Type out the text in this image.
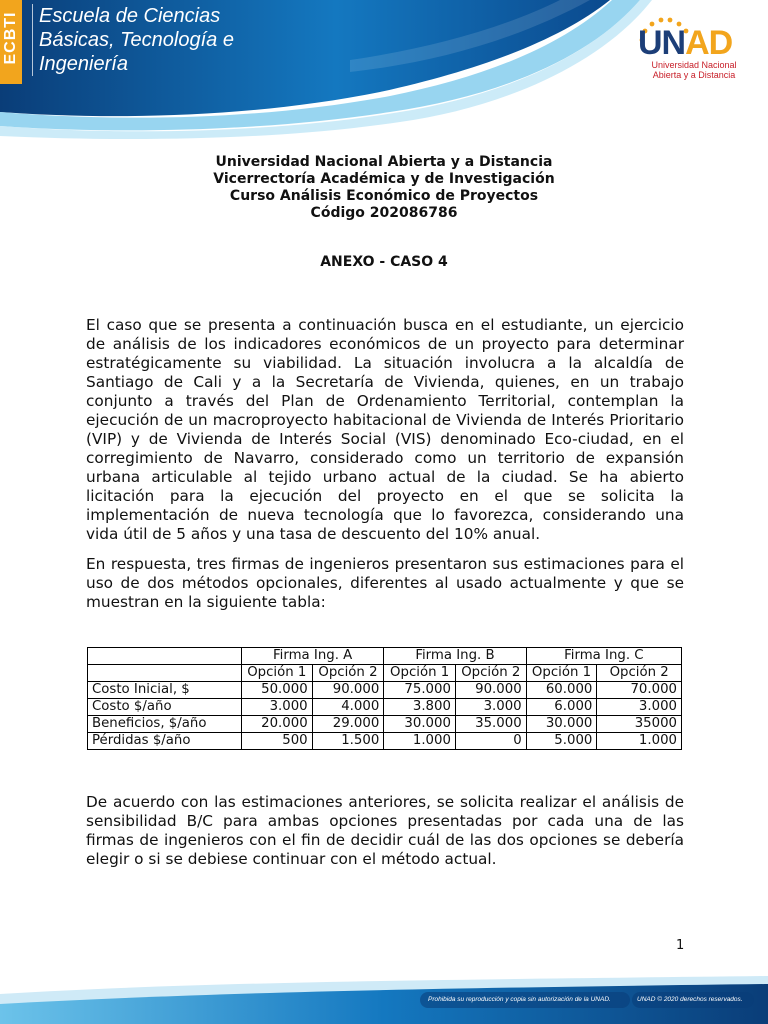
ECBTI Escuela de Ciencias
Básicas, Tecnología e
Ingeniería
UNAD
Universidad Nacional
Abierta y a Distancia
Universidad Nacional Abierta y a Distancia
Vicerrectoría Académica y de Investigación
Curso Análisis Económico de Proyectos
Código 202086786
ANEXO - CASO 4

El caso que se presenta a continuación busca en el estudiante, un ejercicio de análisis de los indicadores económicos de un proyecto para determinar estratégicamente su viabilidad. La situación involucra a la alcaldía de Santiago de Cali y a la Secretaría de Vivienda, quienes, en un trabajo conjunto a través del Plan de Ordenamiento Territorial, contemplan la ejecución de un macroproyecto habitacional de Vivienda de Interés Prioritario (VIP) y de Vivienda de Interés Social (VIS) denominado Eco-ciudad, en el corregimiento de Navarro, considerado como un territorio de expansión urbana articulable al tejido urbano actual de la ciudad. Se ha abierto licitación para la ejecución del proyecto en el que se solicita la implementación de nueva tecnología que lo favorezca, considerando una vida útil de 5 años y una tasa de descuento del 10% anual.

En respuesta, tres firmas de ingenieros presentaron sus estimaciones para el uso de dos métodos opcionales, diferentes al usado actualmente y que se muestran en la siguiente tabla:

	Firma Ing. A		Firma Ing. B		Firma Ing. C	
	Opción 1	Opción 2	Opción 1	Opción 2	Opción 1	Opción 2
Costo Inicial, $	50.000	90.000	75.000	90.000	60.000	70.000
Costo $/año	3.000	4.000	3.800	3.000	6.000	3.000
Beneficios, $/año	20.000	29.000	30.000	35.000	30.000	35000
Pérdidas $/año	500	1.500	1.000	0	5.000	1.000

De acuerdo con las estimaciones anteriores, se solicita realizar el análisis de sensibilidad B/C para ambas opciones presentadas por cada una de las firmas de ingenieros con el fin de decidir cuál de las dos opciones se debería elegir o si se debiese continuar con el método actual.

1
Prohibida su reproducción y copia sin autorización de la UNAD.	UNAD © 2020 derechos reservados.
